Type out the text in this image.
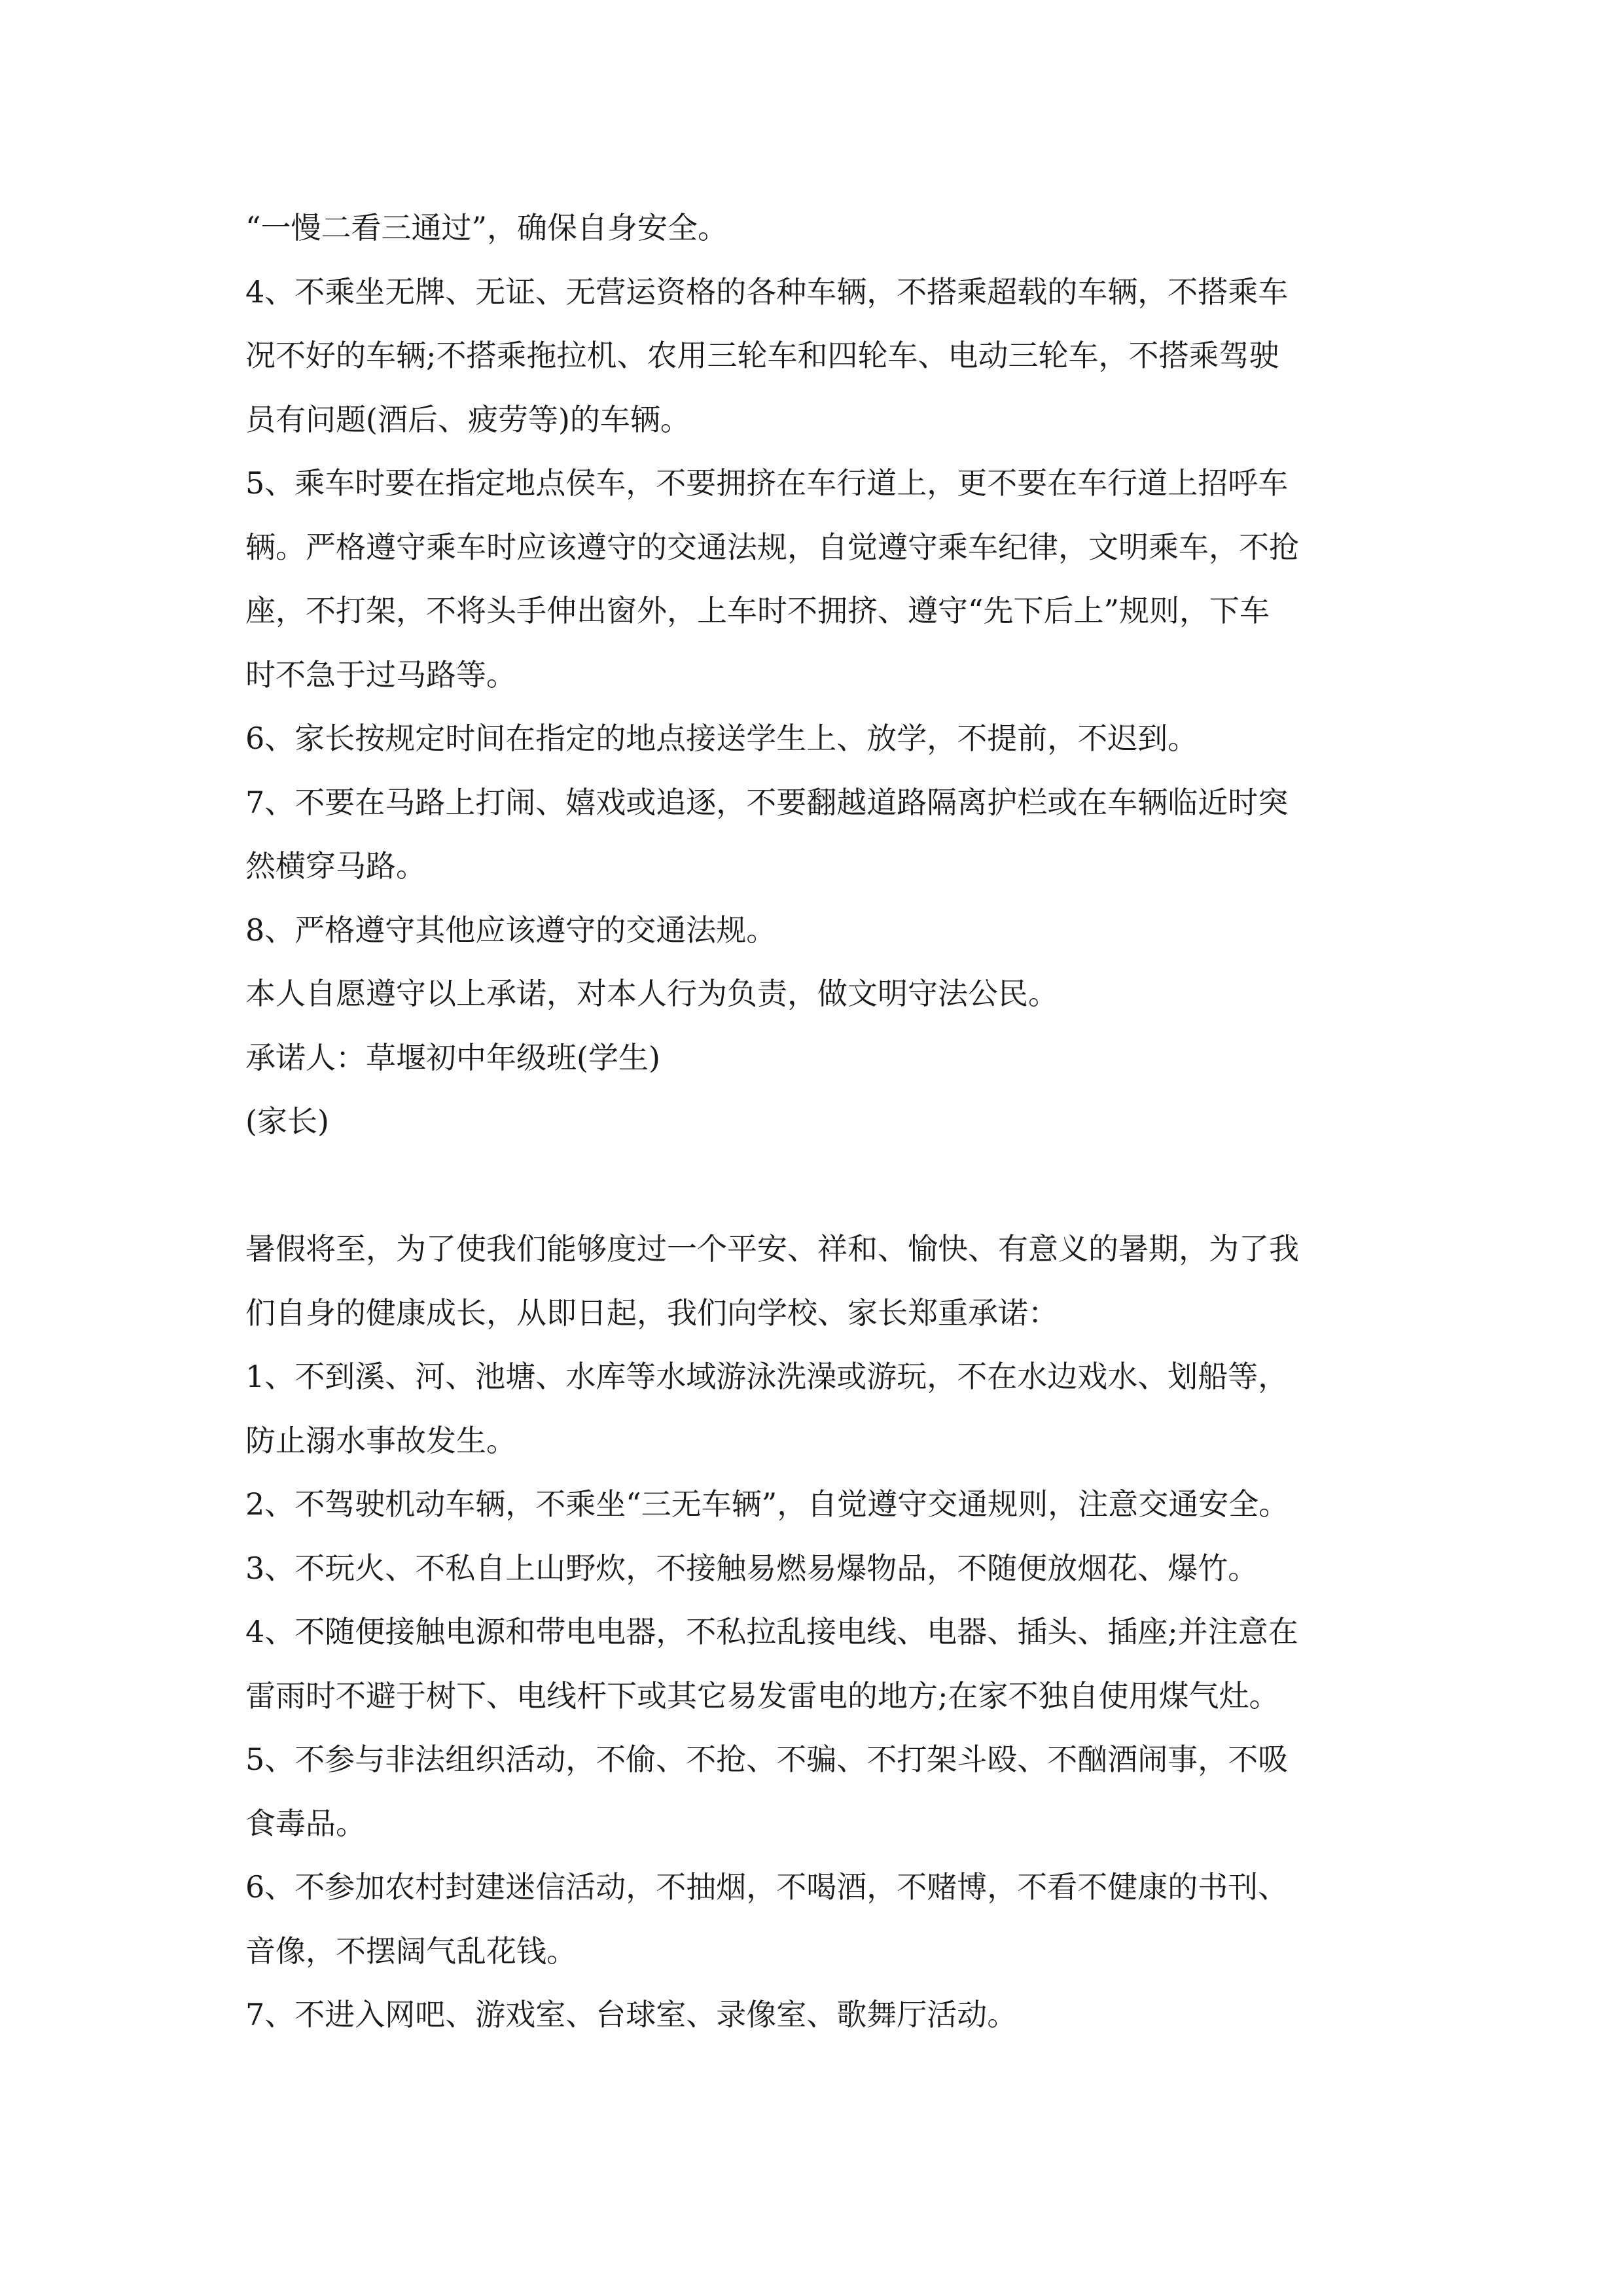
“一慢二看三通过”，确保自身安全。
4、不乘坐无牌、无证、无营运资格的各种车辆，不搭乘超载的车辆，不搭乘车
况不好的车辆;不搭乘拖拉机、农用三轮车和四轮车、电动三轮车，不搭乘驾驶
员有问题(酒后、疲劳等)的车辆。
5、乘车时要在指定地点侯车，不要拥挤在车行道上，更不要在车行道上招呼车
辆。严格遵守乘车时应该遵守的交通法规，自觉遵守乘车纪律，文明乘车，不抢
座，不打架，不将头手伸出窗外，上车时不拥挤、遵守“先下后上”规则，下车
时不急于过马路等。
6、家长按规定时间在指定的地点接送学生上、放学，不提前，不迟到。
7、不要在马路上打闹、嬉戏或追逐，不要翻越道路隔离护栏或在车辆临近时突
然横穿马路。
8、严格遵守其他应该遵守的交通法规。
本人自愿遵守以上承诺，对本人行为负责，做文明守法公民。
承诺人：草堰初中年级班(学生)
(家长)
暑假将至，为了使我们能够度过一个平安、祥和、愉快、有意义的暑期，为了我
们自身的健康成长，从即日起，我们向学校、家长郑重承诺：
1、不到溪、河、池塘、水库等水域游泳洗澡或游玩，不在水边戏水、划船等，
防止溺水事故发生。
2、不驾驶机动车辆，不乘坐“三无车辆”，自觉遵守交通规则，注意交通安全。
3、不玩火、不私自上山野炊，不接触易燃易爆物品，不随便放烟花、爆竹。
4、不随便接触电源和带电电器，不私拉乱接电线、电器、插头、插座;并注意在
雷雨时不避于树下、电线杆下或其它易发雷电的地方;在家不独自使用煤气灶。
5、不参与非法组织活动，不偷、不抢、不骗、不打架斗殴、不酗酒闹事，不吸
食毒品。
6、不参加农村封建迷信活动，不抽烟，不喝酒，不赌博，不看不健康的书刊、
音像，不摆阔气乱花钱。
7、不进入网吧、游戏室、台球室、录像室、歌舞厅活动。
